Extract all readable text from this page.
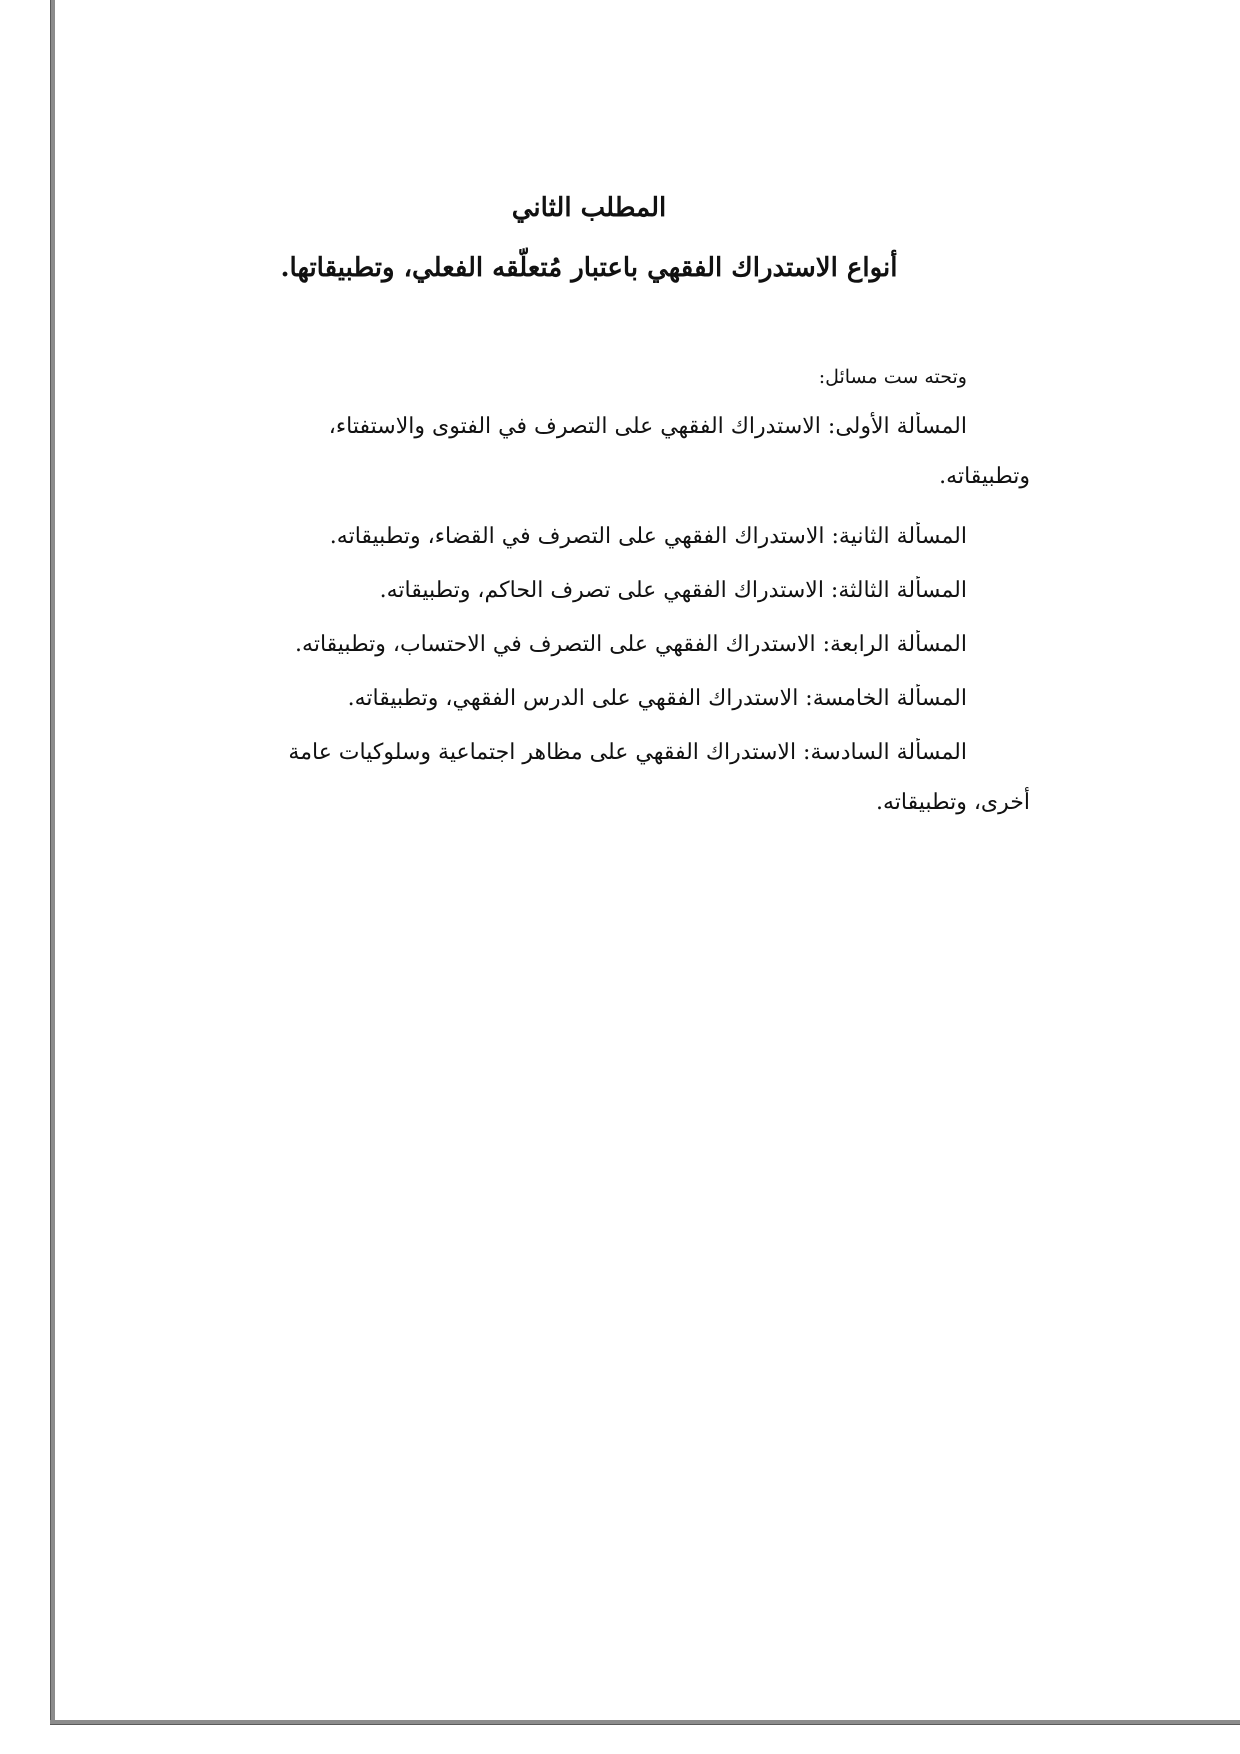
المطلب الثاني
أنواع الاستدراك الفقهي باعتبار مُتعلّقه الفعلي، وتطبيقاتها.
وتحته ست مسائل:
المسألة الأولى: الاستدراك الفقهي على التصرف في الفتوى والاستفتاء،
وتطبيقاته.
المسألة الثانية: الاستدراك الفقهي على التصرف في القضاء، وتطبيقاته.
المسألة الثالثة: الاستدراك الفقهي على تصرف الحاكم، وتطبيقاته.
المسألة الرابعة: الاستدراك الفقهي على التصرف في الاحتساب، وتطبيقاته.
المسألة الخامسة: الاستدراك الفقهي على الدرس الفقهي، وتطبيقاته.
المسألة السادسة: الاستدراك الفقهي على مظاهر اجتماعية وسلوكيات عامة
أخرى، وتطبيقاته.
